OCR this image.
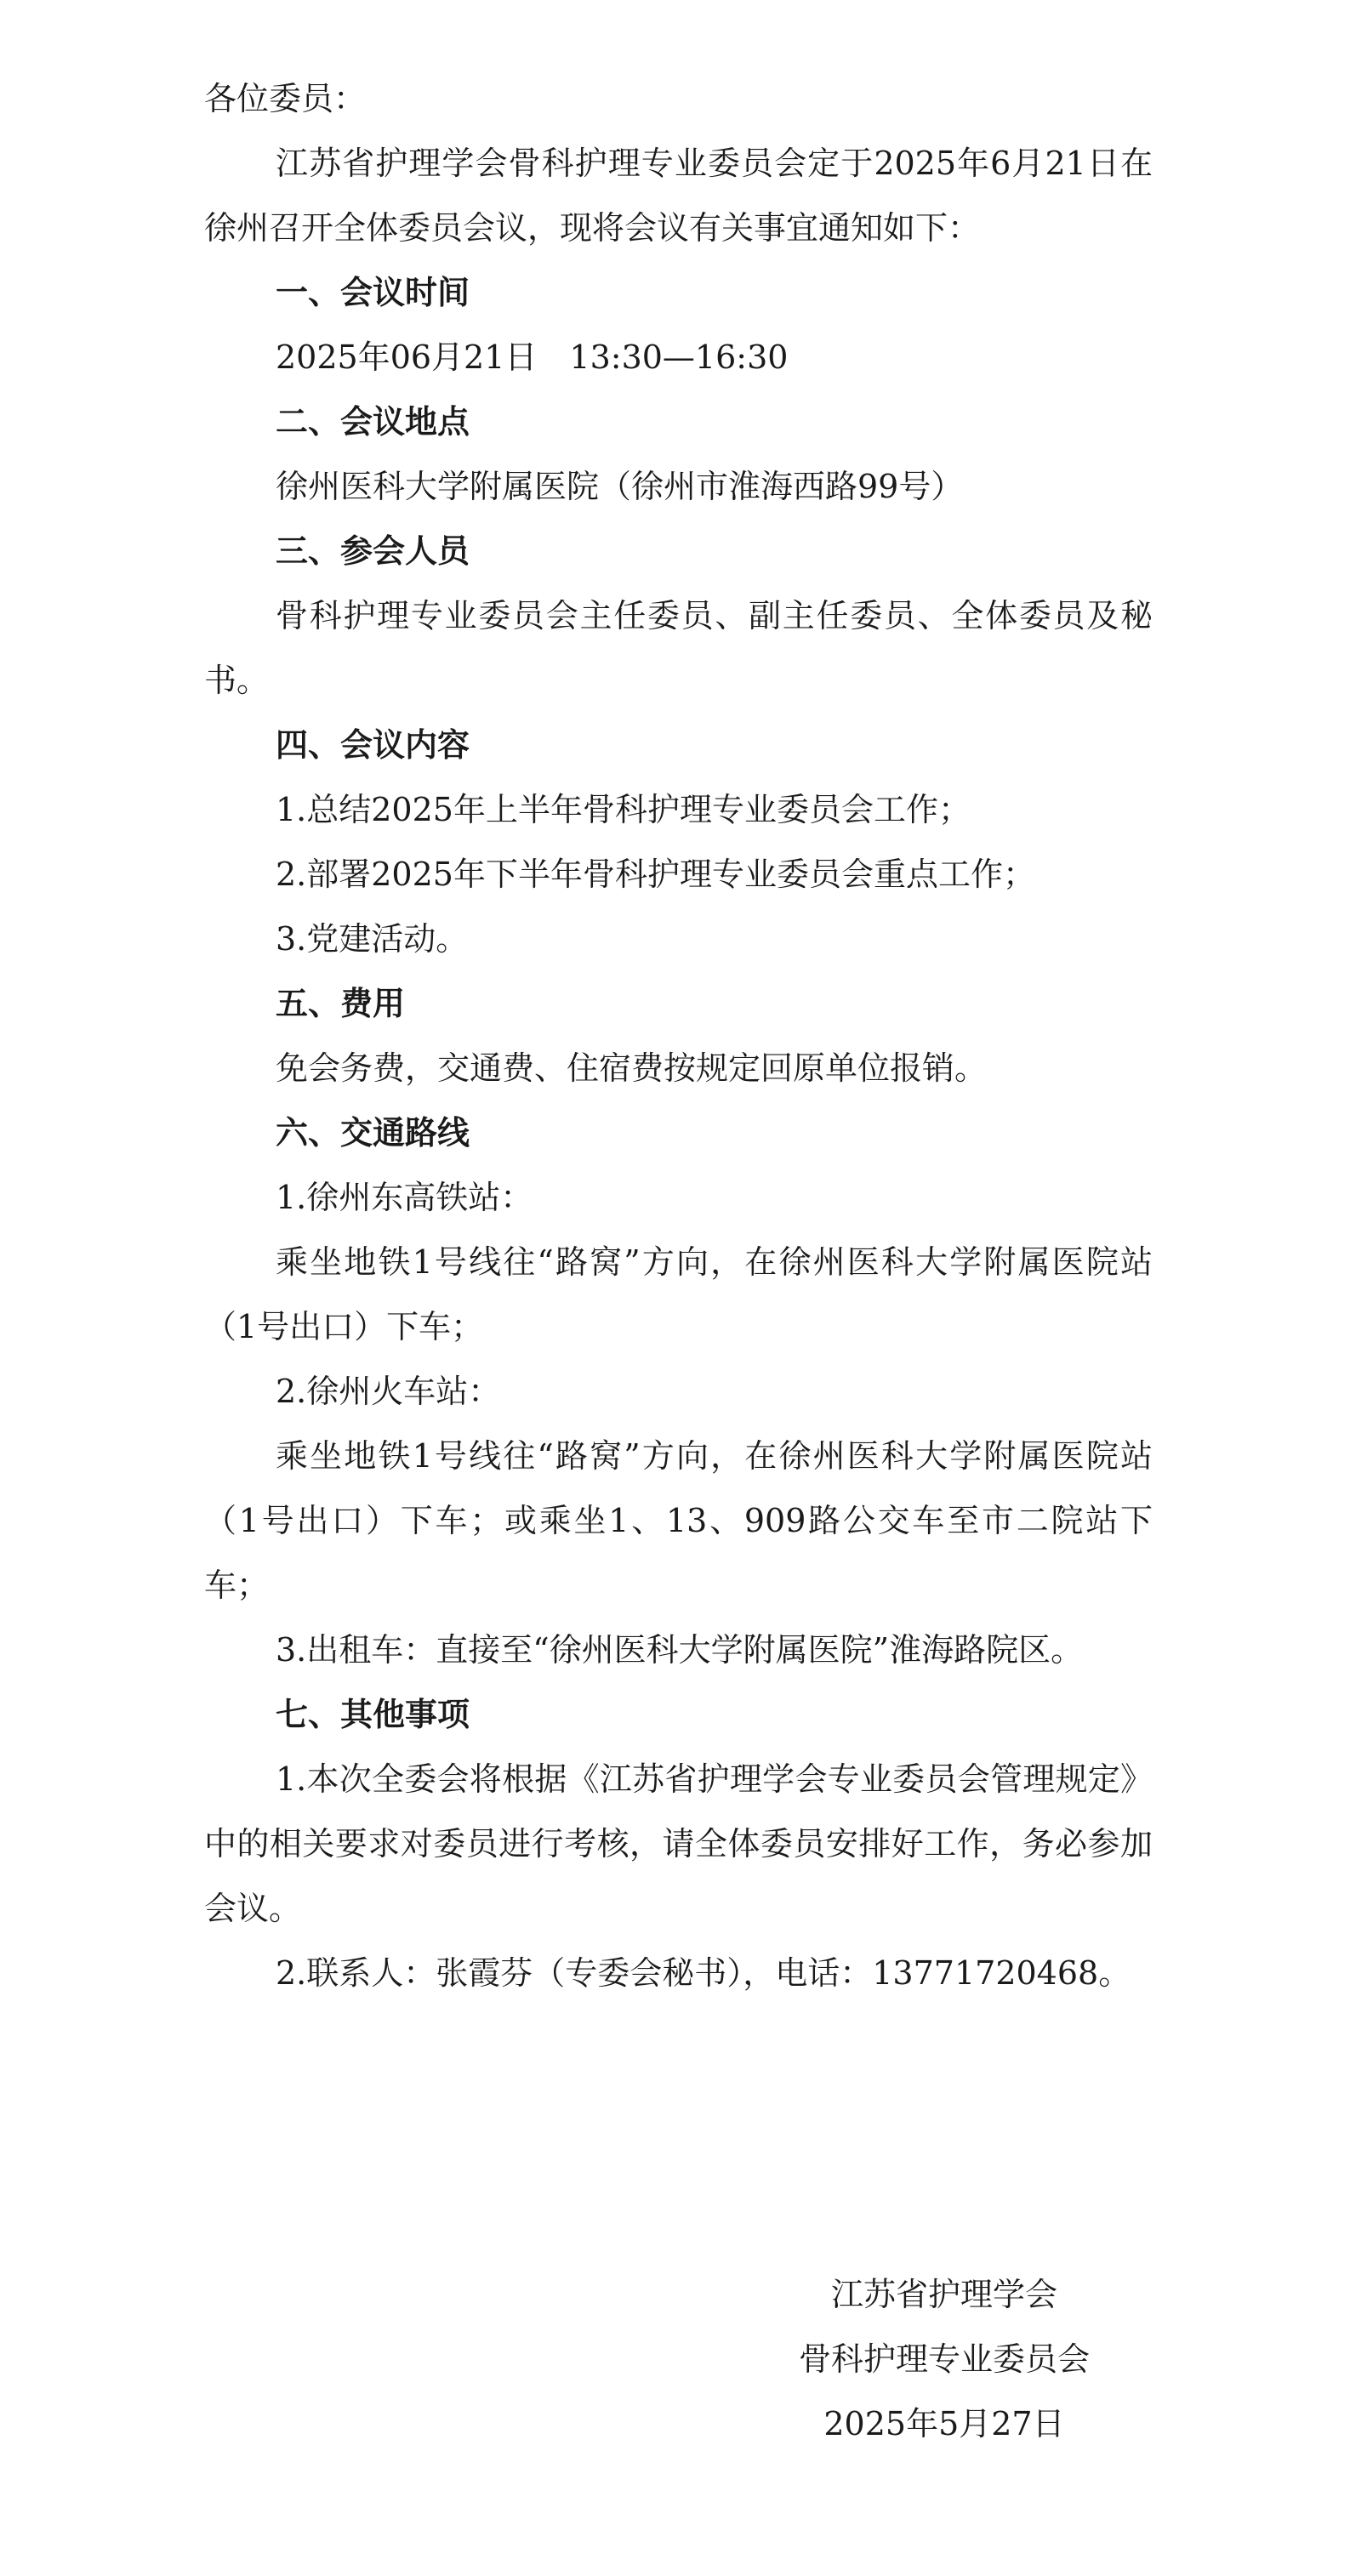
各位委员：

江苏省护理学会骨科护理专业委员会定于2025年6月21日在徐州召开全体委员会议，现将会议有关事宜通知如下：

一、会议时间

2025年06月21日　13:30—16:30

二、会议地点

徐州医科大学附属医院（徐州市淮海西路99号）

三、参会人员

骨科护理专业委员会主任委员、副主任委员、全体委员及秘书。

四、会议内容

1.总结2025年上半年骨科护理专业委员会工作；

2.部署2025年下半年骨科护理专业委员会重点工作；

3.党建活动。

五、费用

免会务费，交通费、住宿费按规定回原单位报销。

六、交通路线

1.徐州东高铁站：

乘坐地铁1号线往“路窝”方向，在徐州医科大学附属医院站（1号出口）下车；

2.徐州火车站：

乘坐地铁1号线往“路窝”方向，在徐州医科大学附属医院站（1号出口）下车；或乘坐1、13、909路公交车至市二院站下车；

3.出租车：直接至“徐州医科大学附属医院”淮海路院区。

七、其他事项

1.本次全委会将根据《江苏省护理学会专业委员会管理规定》中的相关要求对委员进行考核，请全体委员安排好工作，务必参加会议。

2.联系人：张霞芬（专委会秘书），电话：13771720468。

江苏省护理学会

骨科护理专业委员会

2025年5月27日
